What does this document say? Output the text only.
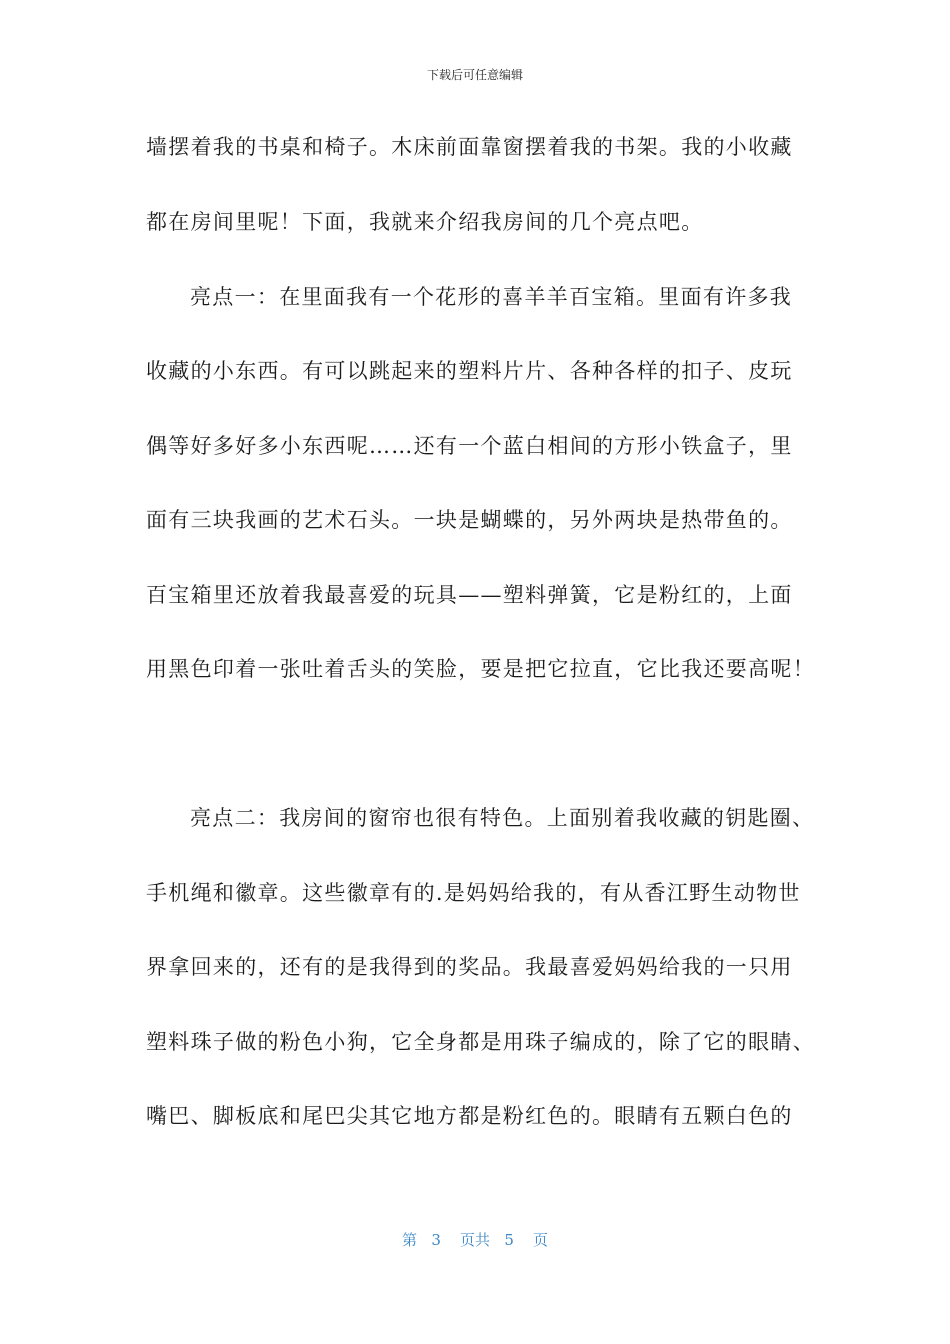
下载后可任意编辑
墙摆着我的书桌和椅子。木床前面靠窗摆着我的书架。我的小收藏
都在房间里呢！下面，我就来介绍我房间的几个亮点吧。
亮点一：在里面我有一个花形的喜羊羊百宝箱。里面有许多我
收藏的小东西。有可以跳起来的塑料片片、各种各样的扣子、皮玩
偶等好多好多小东西呢……还有一个蓝白相间的方形小铁盒子，里
面有三块我画的艺术石头。一块是蝴蝶的，另外两块是热带鱼的。
百宝箱里还放着我最喜爱的玩具——塑料弹簧，它是粉红的，上面
用黑色印着一张吐着舌头的笑脸，要是把它拉直，它比我还要高呢！
亮点二：我房间的窗帘也很有特色。上面别着我收藏的钥匙圈、
手机绳和徽章。这些徽章有的.是妈妈给我的，有从香江野生动物世
界拿回来的，还有的是我得到的奖品。我最喜爱妈妈给我的一只用
塑料珠子做的粉色小狗，它全身都是用珠子编成的，除了它的眼睛、
嘴巴、脚板底和尾巴尖其它地方都是粉红色的。眼睛有五颗白色的
第 3 页共 5 页
